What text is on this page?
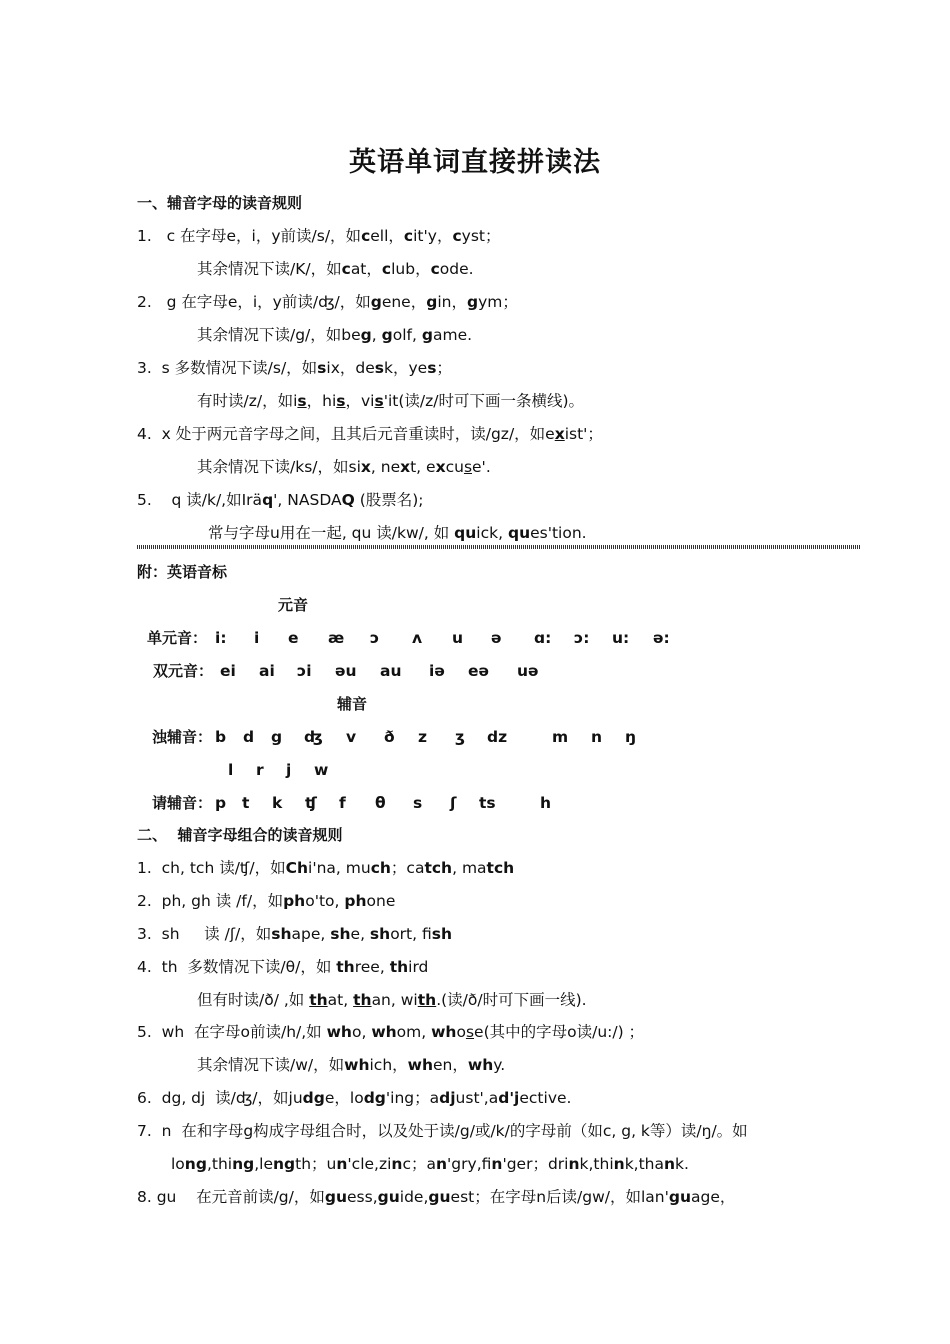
英语单词直接拼读法
一、辅音字母的读音规则
1.   c 在字母e，i，y前读/s/，如cell，cit'y，cyst；
其余情况下读/K/，如cat，club，code.
2.   g 在字母e，i，y前读/ʤ/，如gene，gin，gym；
其余情况下读/g/，如beg, golf, game.
3.  s 多数情况下读/s/，如six，desk，yes；
有时读/z/，如is，his，vis'it(读/z/时可下画一条横线)。
4.  x 处于两元音字母之间，且其后元音重读时，读/gz/，如exist'；
其余情况下读/ks/，如six, next, excuse'.
5.    q 读/k/,如Iräq', NASDAQ (股票名);
常与字母u用在一起, qu 读/kw/, 如 quick, ques'tion.
附：英语音标
元音
单元音： i: i e æ ɔ ʌ u ə ɑ: ɔ: u: ə:
双元音： ei ai ɔi əu au iə eə uə
辅音
浊辅音： b d g ʤ v ð z ʒ dz	m n ŋ
l r j w
请辅音： p t k ʧ f θ s ʃ ts	h
二、  辅音字母组合的读音规则
1.  ch, tch 读/ʧ/，如Chi'na, much；catch, match
2.  ph, gh 读 /f/，如pho'to, phone
3.  sh     读 /ʃ/，如shape, she, short, fish
4.  th  多数情况下读/θ/，如 three, third
但有时读/ð/ ,如 that, than, with.(读/ð/时可下画一线).
5.  wh  在字母o前读/h/,如 who, whom, whose(其中的字母o读/u:/) ；
其余情况下读/w/，如which，when，why.
6.  dg, dj  读/ʤ/，如judge，lodg'ing；adjust',ad'jective.
7.  n  在和字母g构成字母组合时，以及处于读/g/或/k/的字母前（如c, g, k等）读/ŋ/。如
long,thing,length；un'cle,zinc；an'gry,fin'ger；drink,think,thank.
8. gu    在元音前读/g/，如guess,guide,guest；在字母n后读/gw/，如lan'guage，
